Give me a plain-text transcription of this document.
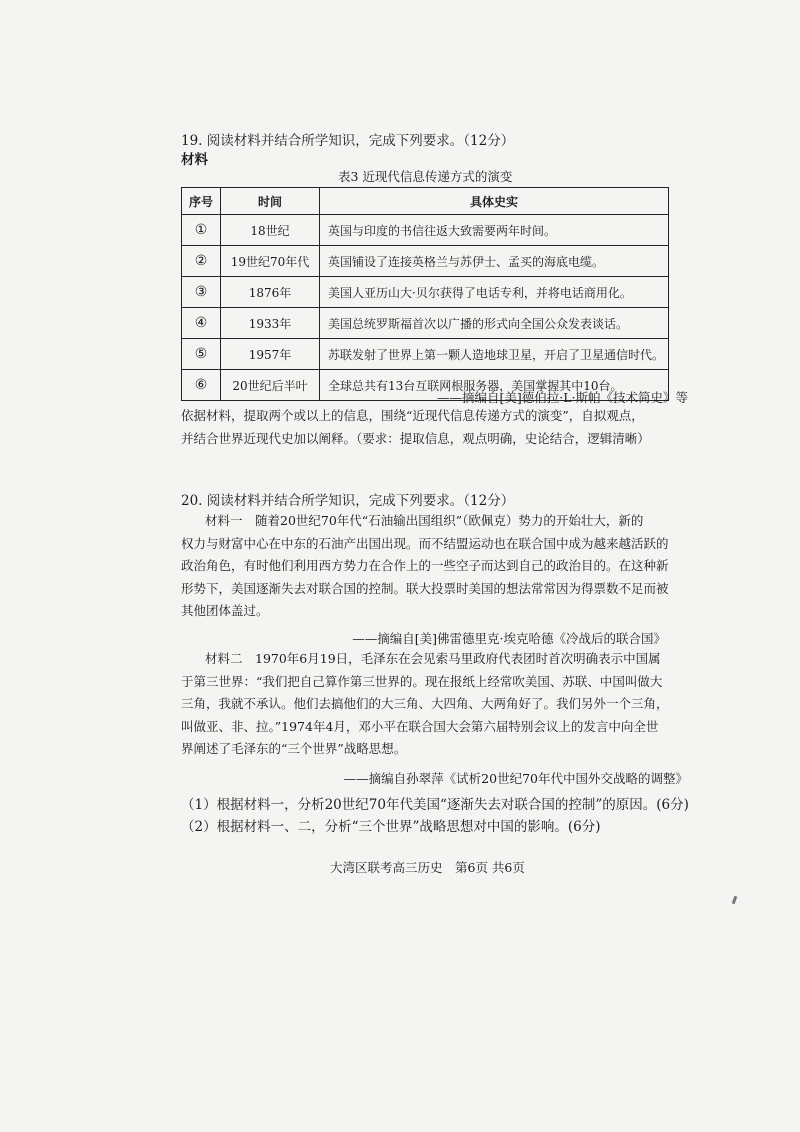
19. 阅读材料并结合所学知识，完成下列要求。（12分）
材料
表3 近现代信息传递方式的演变
序号	时间	具体史实
①	18世纪	英国与印度的书信往返大致需要两年时间。
②	19世纪70年代	英国铺设了连接英格兰与苏伊士、孟买的海底电缆。
③	1876年	美国人亚历山大·贝尔获得了电话专利，并将电话商用化。
④	1933年	美国总统罗斯福首次以广播的形式向全国公众发表谈话。
⑤	1957年	苏联发射了世界上第一颗人造地球卫星，开启了卫星通信时代。
⑥	20世纪后半叶	全球总共有13台互联网根服务器，美国掌握其中10台。
——摘编自[美]德伯拉·L·斯帕《技术简史》等
依据材料，提取两个或以上的信息，围绕“近现代信息传递方式的演变”，自拟观点，
并结合世界近现代史加以阐释。（要求：提取信息，观点明确，史论结合，逻辑清晰）
20. 阅读材料并结合所学知识，完成下列要求。（12分）
材料一　随着20世纪70年代“石油输出国组织”（欧佩克）势力的开始壮大，新的
权力与财富中心在中东的石油产出国出现。而不结盟运动也在联合国中成为越来越活跃的
政治角色，有时他们利用西方势力在合作上的一些空子而达到自己的政治目的。在这种新
形势下，美国逐渐失去对联合国的控制。联大投票时美国的想法常常因为得票数不足而被
其他团体盖过。
——摘编自[美]佛雷德里克·埃克哈德《冷战后的联合国》
材料二　1970年6月19日，毛泽东在会见索马里政府代表团时首次明确表示中国属
于第三世界：“我们把自己算作第三世界的。现在报纸上经常吹美国、苏联、中国叫做大
三角，我就不承认。他们去搞他们的大三角、大四角、大两角好了。我们另外一个三角，
叫做亚、非、拉。”1974年4月，邓小平在联合国大会第六届特别会议上的发言中向全世
界阐述了毛泽东的“三个世界”战略思想。
——摘编自孙翠萍《试析20世纪70年代中国外交战略的调整》
（1）根据材料一，分析20世纪70年代美国“逐渐失去对联合国的控制”的原因。(6分)
（2）根据材料一、二，分析“三个世界”战略思想对中国的影响。(6分)
大湾区联考高三历史　第6页 共6页
